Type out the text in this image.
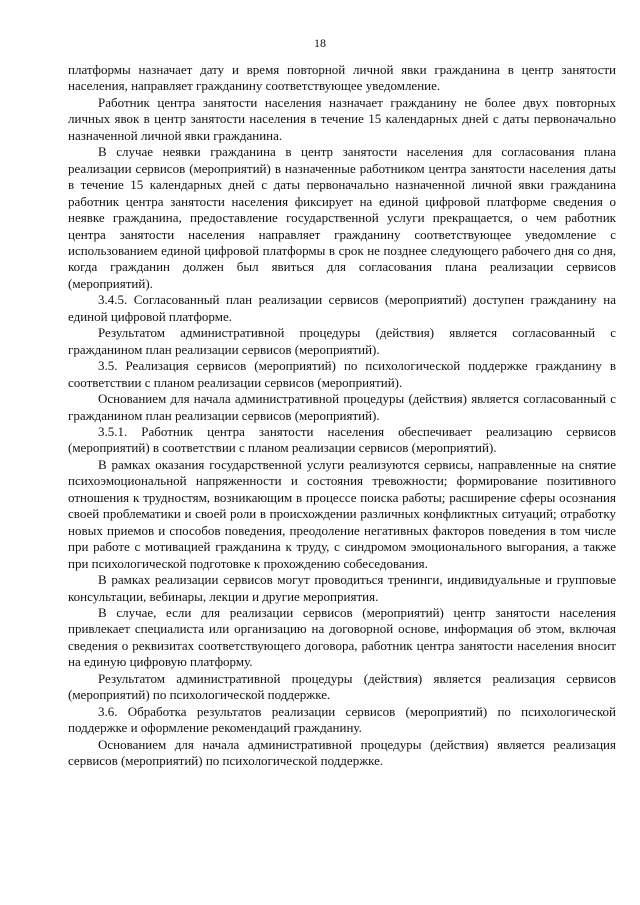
18

платформы назначает дату и время повторной личной явки гражданина в центр занятости населения, направляет гражданину соответствующее уведомление.

Работник центра занятости населения назначает гражданину не более двух повторных личных явок в центр занятости населения в течение 15 календарных дней с даты первоначально назначенной личной явки гражданина.

В случае неявки гражданина в центр занятости населения для согласования плана реализации сервисов (мероприятий) в назначенные работником центра занятости населения даты в течение 15 календарных дней с даты первоначально назначенной личной явки гражданина работник центра занятости населения фиксирует на единой цифровой платформе сведения о неявке гражданина, предоставление государственной услуги прекращается, о чем работник центра занятости населения направляет гражданину соответствующее уведомление с использованием единой цифровой платформы в срок не позднее следующего рабочего дня со дня, когда гражданин должен был явиться для согласования плана реализации сервисов (мероприятий).

3.4.5. Согласованный план реализации сервисов (мероприятий) доступен гражданину на единой цифровой платформе.

Результатом административной процедуры (действия) является согласованный с гражданином план реализации сервисов (мероприятий).

3.5. Реализация сервисов (мероприятий) по психологической поддержке гражданину в соответствии с планом реализации сервисов (мероприятий).

Основанием для начала административной процедуры (действия) является согласованный с гражданином план реализации сервисов (мероприятий).

3.5.1. Работник центра занятости населения обеспечивает реализацию сервисов (мероприятий) в соответствии с планом реализации сервисов (мероприятий).

В рамках оказания государственной услуги реализуются сервисы, направленные на снятие психоэмоциональной напряженности и состояния тревожности; формирование позитивного отношения к трудностям, возникающим в процессе поиска работы; расширение сферы осознания своей проблематики и своей роли в происхождении различных конфликтных ситуаций; отработку новых приемов и способов поведения, преодоление негативных факторов поведения в том числе при работе с мотивацией гражданина к труду, с синдромом эмоционального выгорания, а также при психологической подготовке к прохождению собеседования.

В рамках реализации сервисов могут проводиться тренинги, индивидуальные и групповые консультации, вебинары, лекции и другие мероприятия.

В случае, если для реализации сервисов (мероприятий) центр занятости населения привлекает специалиста или организацию на договорной основе, информация об этом, включая сведения о реквизитах соответствующего договора, работник центра занятости населения вносит на единую цифровую платформу.

Результатом административной процедуры (действия) является реализация сервисов (мероприятий) по психологической поддержке.

3.6. Обработка результатов реализации сервисов (мероприятий) по психологической поддержке и оформление рекомендаций гражданину.

Основанием для начала административной процедуры (действия) является реализация сервисов (мероприятий) по психологической поддержке.
